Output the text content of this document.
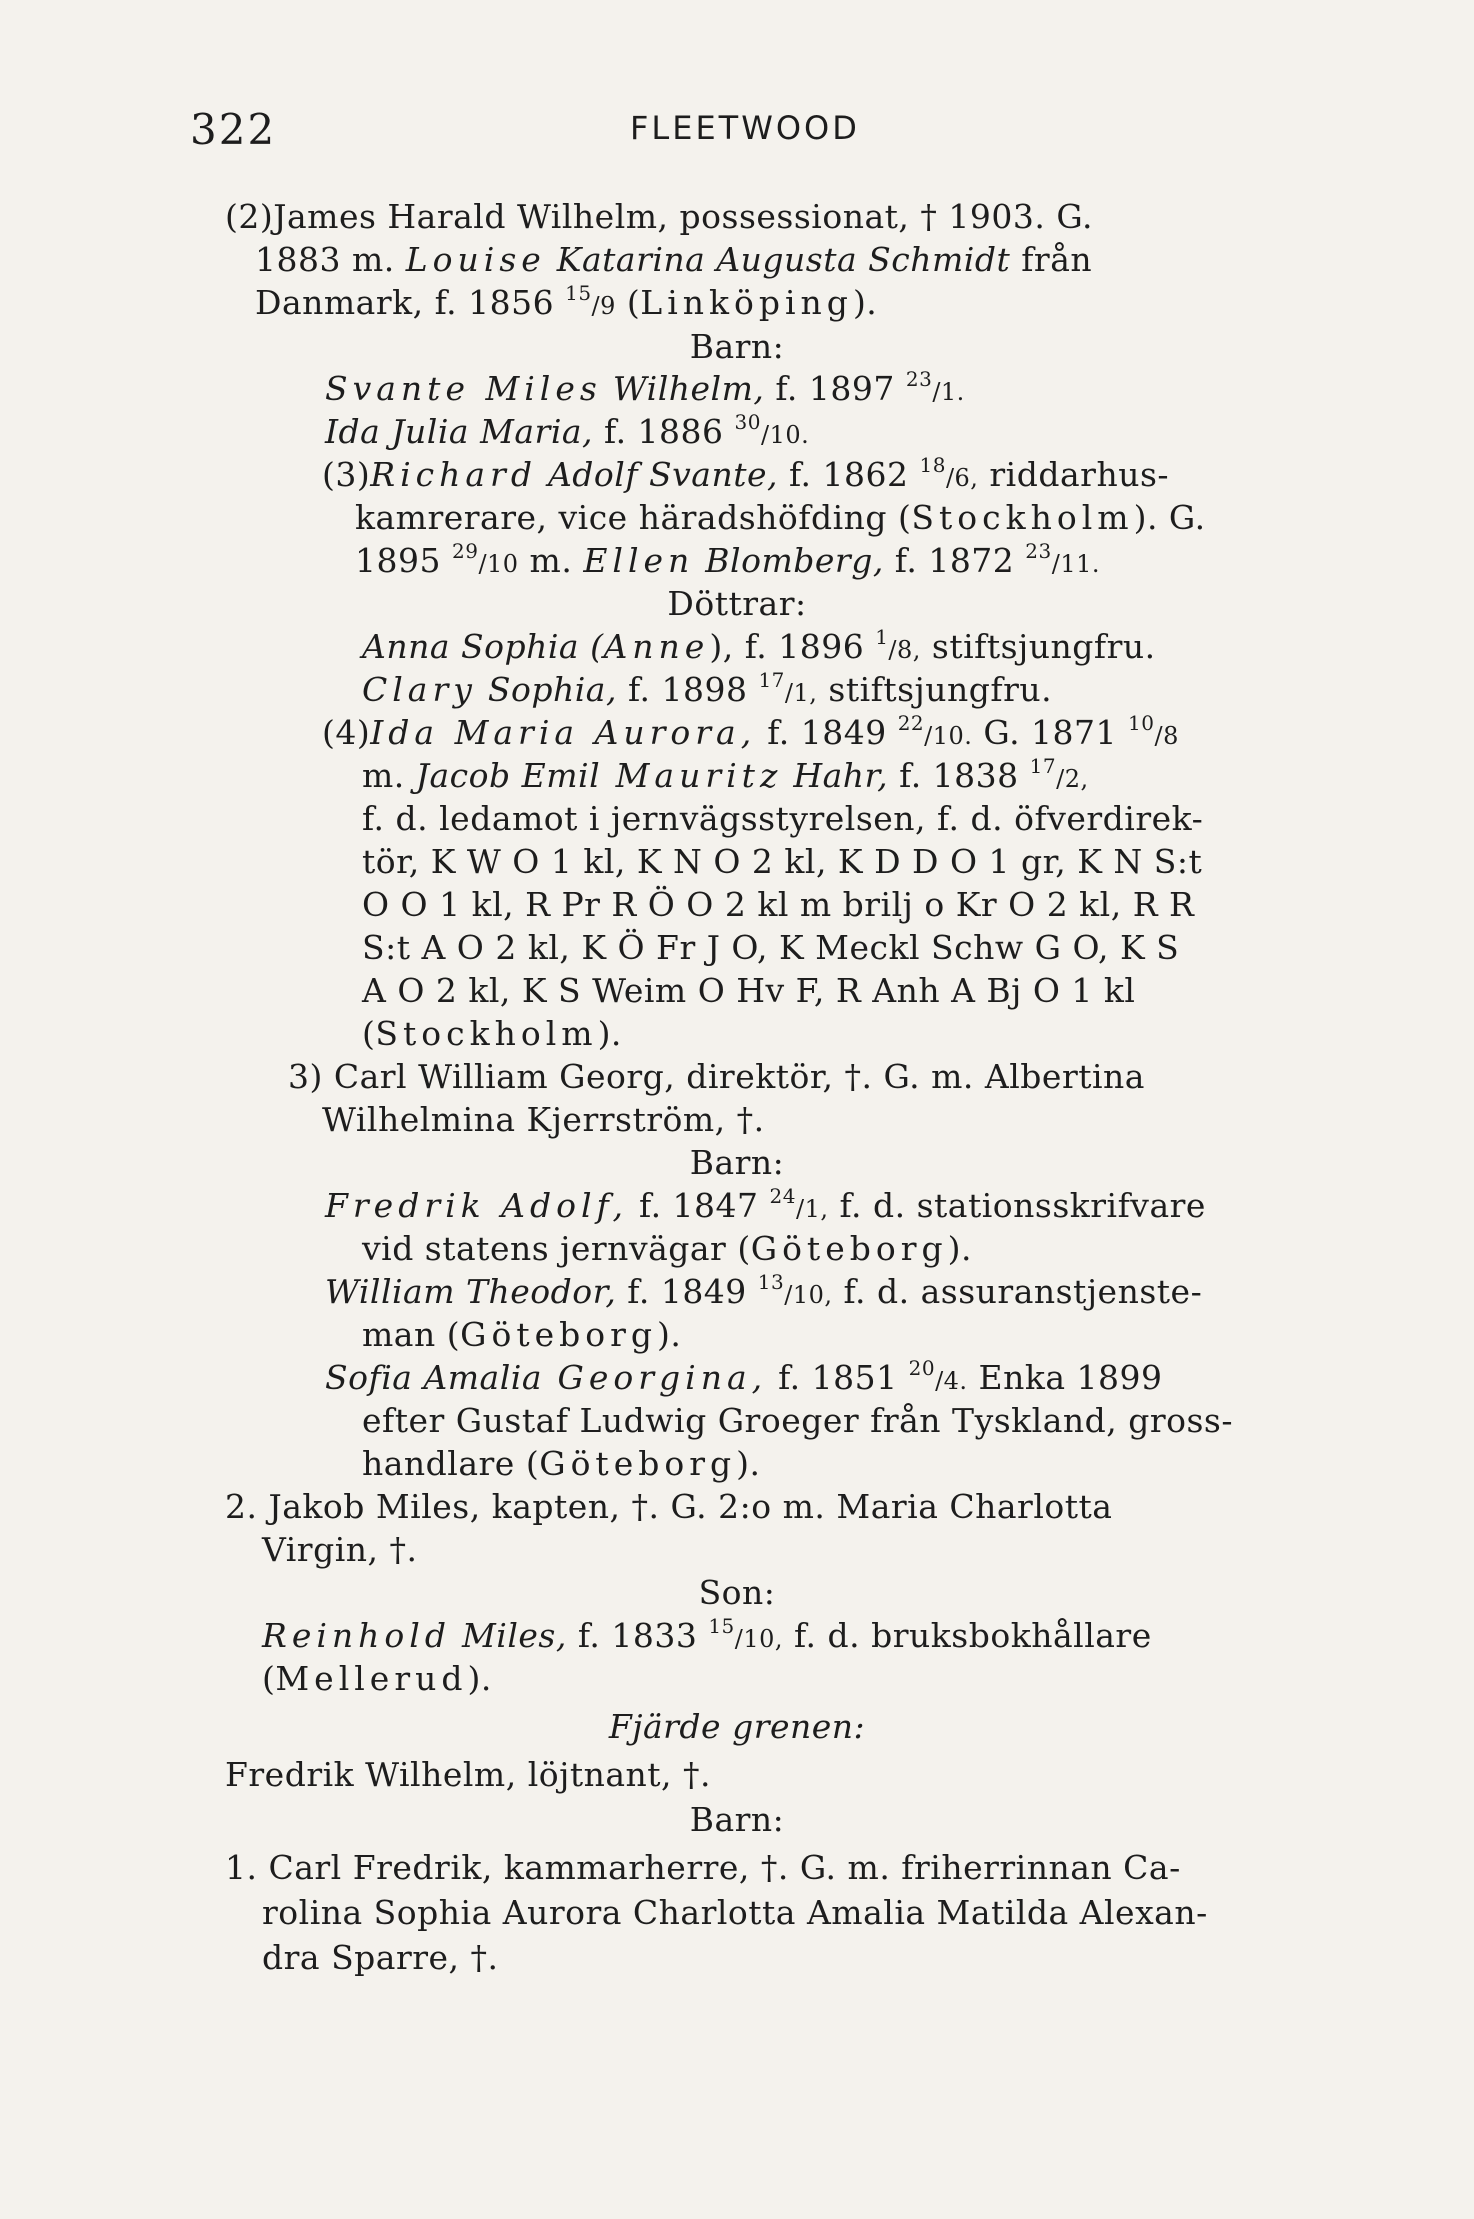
322	FLEETWOOD
(2)James Harald Wilhelm, possessionat, † 1903. G.
1883 m. Louise Katarina Augusta Schmidt från
Danmark, f. 1856 $^{15}$/9 (Linköping).
Barn:
Svante Miles Wilhelm, f. 1897 $^{23}$/1.
Ida Julia Maria, f. 1886 $^{30}$/10.
(3)Richard Adolf Svante, f. 1862 $^{18}$/6, riddarhus-
kamrerare, vice häradshöfding (Stockholm). G.
1895 $^{29}$/10 m. Ellen Blomberg, f. 1872 $^{23}$/11.
Döttrar:
Anna Sophia (Anne), f. 1896 $^1$/8, stiftsjungfru.
Clary Sophia, f. 1898 $^{17}$/1, stiftsjungfru.
(4)Ida Maria Aurora, f. 1849 $^{22}$/10. G. 1871 $^{10}$/8
m. Jacob Emil Mauritz Hahr, f. 1838 $^{17}$/2,
f. d. ledamot i jernvägsstyrelsen, f. d. öfverdirek-
tör, K W O 1 kl, K N O 2 kl, K D D O 1 gr, K N S:t
O O 1 kl, R Pr R Ö O 2 kl m brilj o Kr O 2 kl, R R
S:t A O 2 kl, K Ö Fr J O, K Meckl Schw G O, K S
A O 2 kl, K S Weim O Hv F, R Anh A Bj O 1 kl
(Stockholm).
3) Carl William Georg, direktör, †. G. m. Albertina
Wilhelmina Kjerrström, †.
Barn:
Fredrik Adolf, f. 1847 $^{24}$/1, f. d. stationsskrifvare
vid statens jernvägar (Göteborg).
William Theodor, f. 1849 $^{13}$/10, f. d. assuranstjenste-
man (Göteborg).
Sofia Amalia Georgina, f. 1851 $^{20}$/4. Enka 1899
efter Gustaf Ludwig Groeger från Tyskland, gross-
handlare (Göteborg).
2. Jakob Miles, kapten, †. G. 2:o m. Maria Charlotta
Virgin, †.
Son:
Reinhold Miles, f. 1833 $^{15}$/10, f. d. bruksbokhållare
(Mellerud).
Fjärde grenen:
Fredrik Wilhelm, löjtnant, †.
Barn:
1. Carl Fredrik, kammarherre, †. G. m. friherrinnan Ca-
rolina Sophia Aurora Charlotta Amalia Matilda Alexan-
dra Sparre, †.
